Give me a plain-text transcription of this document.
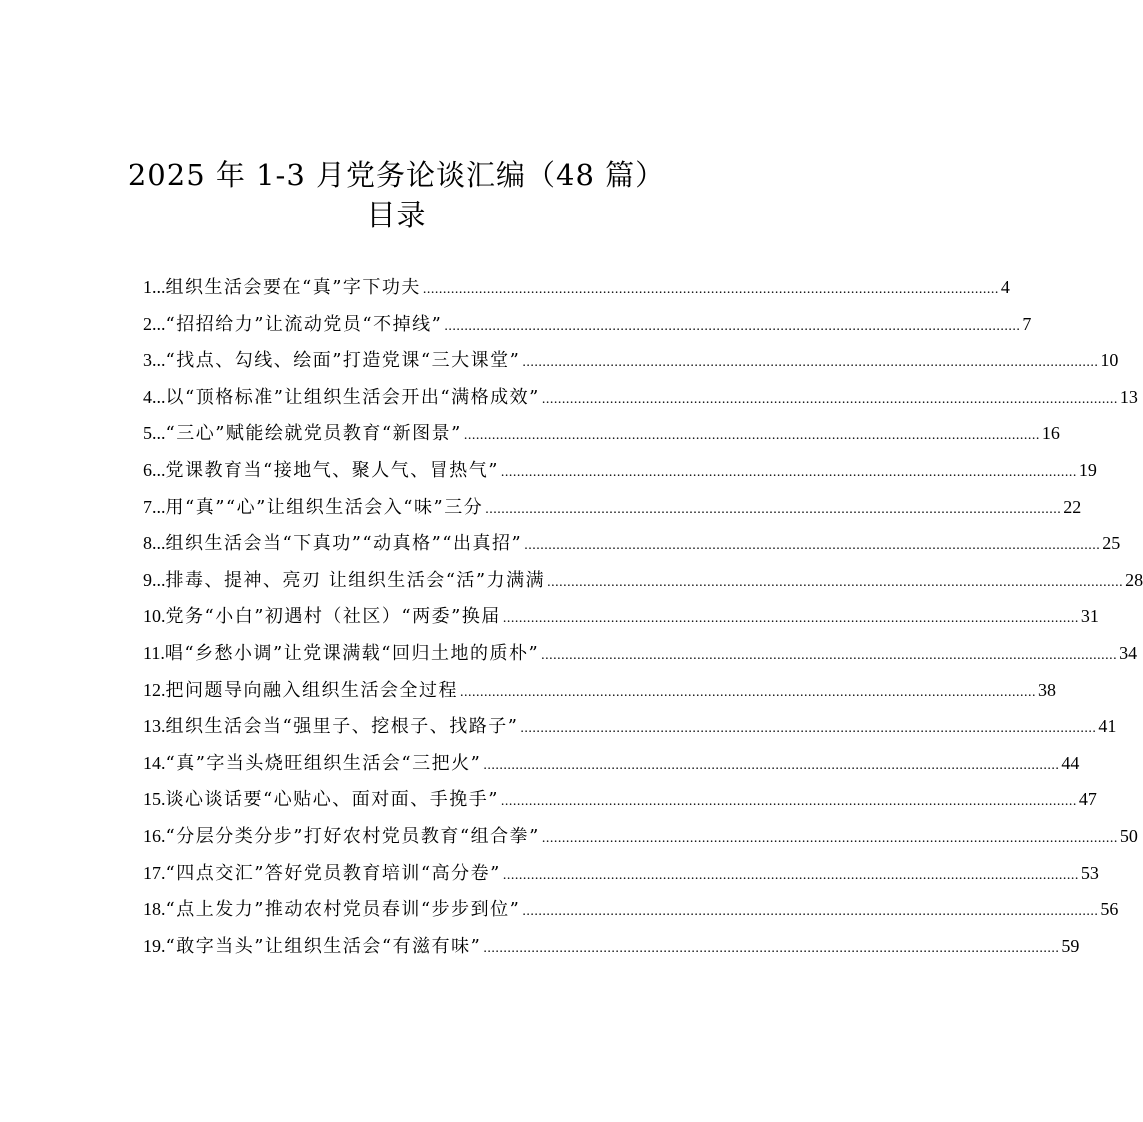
2025 年 1-3 月党务论谈汇编（48 篇）
目录
1... 组织生活会要在“真”字下功夫 .....	4
2... “招招给力”让流动党员“不掉线” .....	7
3... “找点、勾线、绘面”打造党课“三大课堂” .....	10
4... 以“顶格标准”让组织生活会开出“满格成效” .....	13
5... “三心”赋能绘就党员教育“新图景” .....	16
6... 党课教育当“接地气、聚人气、冒热气” .....	19
7... 用“真”“心”让组织生活会入“味”三分 .....	22
8... 组织生活会当“下真功”“动真格”“出真招” .....	25
9... 排毒、提神、亮刃 让组织生活会“活”力满满 .....	28
10. 党务“小白”初遇村（社区）“两委”换届 .....	31
11. 唱“乡愁小调”让党课满载“回归土地的质朴” .....	34
12. 把问题导向融入组织生活会全过程 .....	38
13. 组织生活会当“强里子、挖根子、找路子” .....	41
14. “真”字当头烧旺组织生活会“三把火” .....	44
15. 谈心谈话要“心贴心、面对面、手挽手” .....	47
16. “分层分类分步”打好农村党员教育“组合拳” .....	50
17. “四点交汇”答好党员教育培训“高分卷” .....	53
18. “点上发力”推动农村党员春训“步步到位” .....	56
19. “敢字当头”让组织生活会“有滋有味” .....	59
